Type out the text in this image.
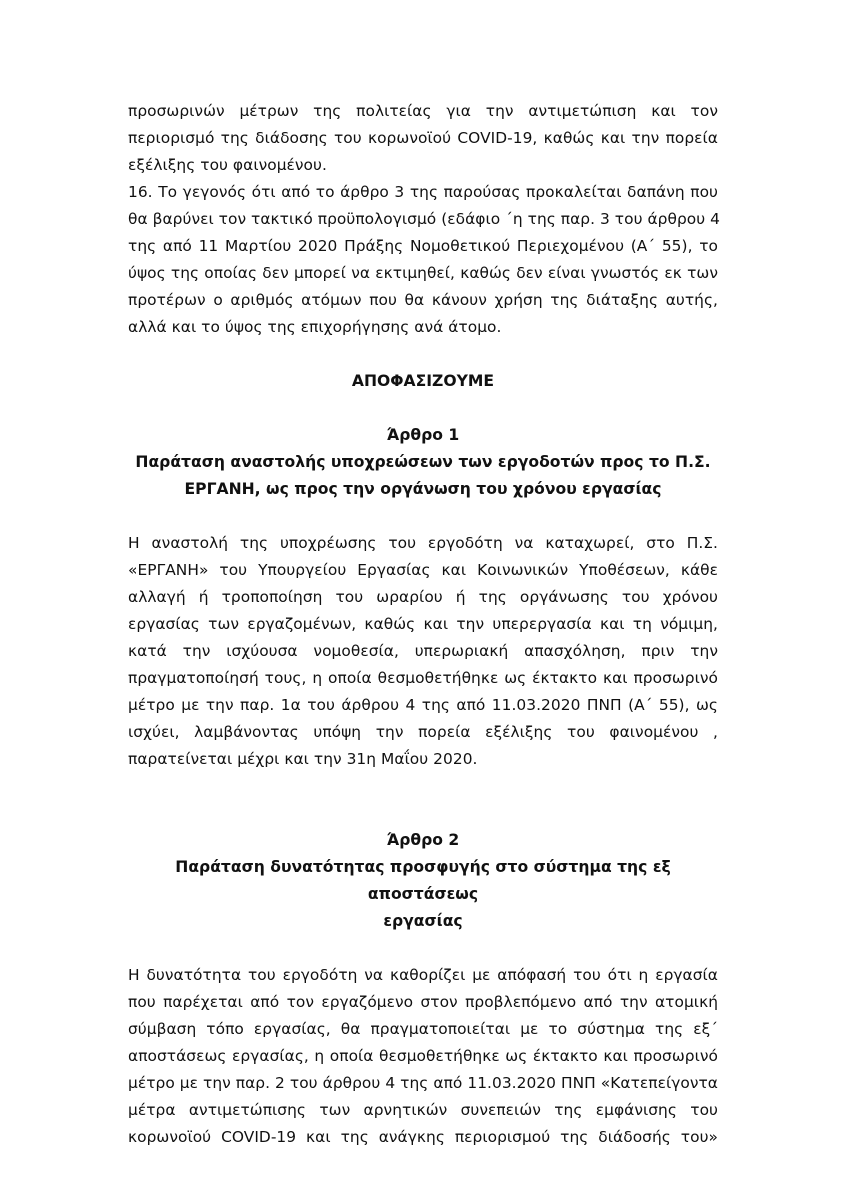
προσωρινών μέτρων της πολιτείας για την αντιμετώπιση και τον
περιορισμό της διάδοσης του κορωνοϊού COVID-19, καθώς και την πορεία
εξέλιξης του φαινομένου.

16. Το γεγονός ότι από το άρθρο 3 της παρούσας προκαλείται δαπάνη που
θα βαρύνει τον τακτικό προϋπολογισμό (εδάφιο ΄η της παρ. 3 του άρθρου 4
της από 11 Μαρτίου 2020 Πράξης Νομοθετικού Περιεχομένου (Α΄ 55), το
ύψος της οποίας δεν μπορεί να εκτιμηθεί, καθώς δεν είναι γνωστός εκ των
προτέρων ο αριθμός ατόμων που θα κάνουν χρήση της διάταξης αυτής,
αλλά και το ύψος της επιχορήγησης ανά άτομο.

ΑΠΟΦΑΣΙΖΟΥΜΕ

Άρθρο 1

Παράταση αναστολής υποχρεώσεων των εργοδοτών προς το Π.Σ.
ΕΡΓΑΝΗ, ως προς την οργάνωση του χρόνου εργασίας

Η αναστολή της υποχρέωσης του εργοδότη να καταχωρεί, στο Π.Σ.
«ΕΡΓΑΝΗ» του Υπουργείου Εργασίας και Κοινωνικών Υποθέσεων, κάθε
αλλαγή ή τροποποίηση του ωραρίου ή της οργάνωσης του χρόνου
εργασίας των εργαζομένων, καθώς και την υπερεργασία και τη νόμιμη,
κατά την ισχύουσα νομοθεσία, υπερωριακή απασχόληση, πριν την
πραγματοποίησή τους, η οποία θεσμοθετήθηκε ως έκτακτο και προσωρινό
μέτρο με την παρ. 1α του άρθρου 4 της από 11.03.2020 ΠΝΠ (Α΄ 55), ως
ισχύει, λαμβάνοντας υπόψη την πορεία εξέλιξης του φαινομένου ,
παρατείνεται μέχρι και την 31η Μαΐου 2020.

Άρθρο 2

Παράταση δυνατότητας προσφυγής στο σύστημα της εξ αποστάσεως
εργασίας

Η δυνατότητα του εργοδότη να καθορίζει με απόφασή του ότι η εργασία
που παρέχεται από τον εργαζόμενο στον προβλεπόμενο από την ατομική
σύμβαση τόπο εργασίας, θα πραγματοποιείται με το σύστημα της εξ΄
αποστάσεως εργασίας, η οποία θεσμοθετήθηκε ως έκτακτο και προσωρινό
μέτρο με την παρ. 2 του άρθρου 4 της από 11.03.2020 ΠΝΠ «Κατεπείγοντα
μέτρα αντιμετώπισης των αρνητικών συνεπειών της εμφάνισης του
κορωνοϊού COVID-19 και της ανάγκης περιορισμού της διάδοσής του»
